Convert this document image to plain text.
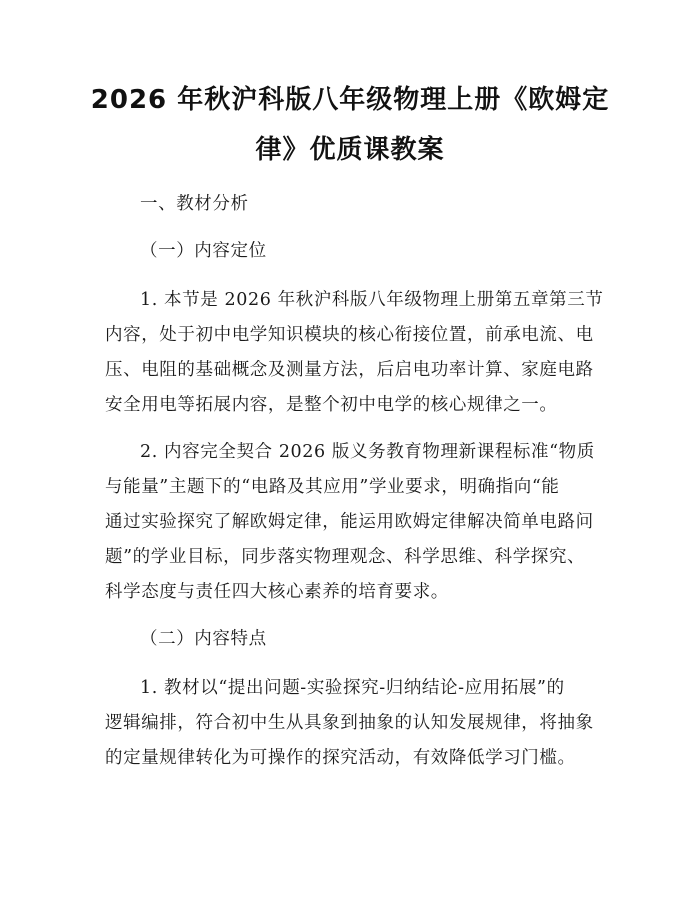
2026 年秋沪科版八年级物理上册《欧姆定
律》优质课教案
一、教材分析
（一）内容定位
1. 本节是 2026 年秋沪科版八年级物理上册第五章第三节
内容，处于初中电学知识模块的核心衔接位置，前承电流、电
压、电阻的基础概念及测量方法，后启电功率计算、家庭电路
安全用电等拓展内容，是整个初中电学的核心规律之一。
2. 内容完全契合 2026 版义务教育物理新课程标准“物质
与能量”主题下的“电路及其应用”学业要求，明确指向“能
通过实验探究了解欧姆定律，能运用欧姆定律解决简单电路问
题”的学业目标，同步落实物理观念、科学思维、科学探究、
科学态度与责任四大核心素养的培育要求。
（二）内容特点
1. 教材以“提出问题-实验探究-归纳结论-应用拓展”的
逻辑编排，符合初中生从具象到抽象的认知发展规律，将抽象
的定量规律转化为可操作的探究活动，有效降低学习门槛。
